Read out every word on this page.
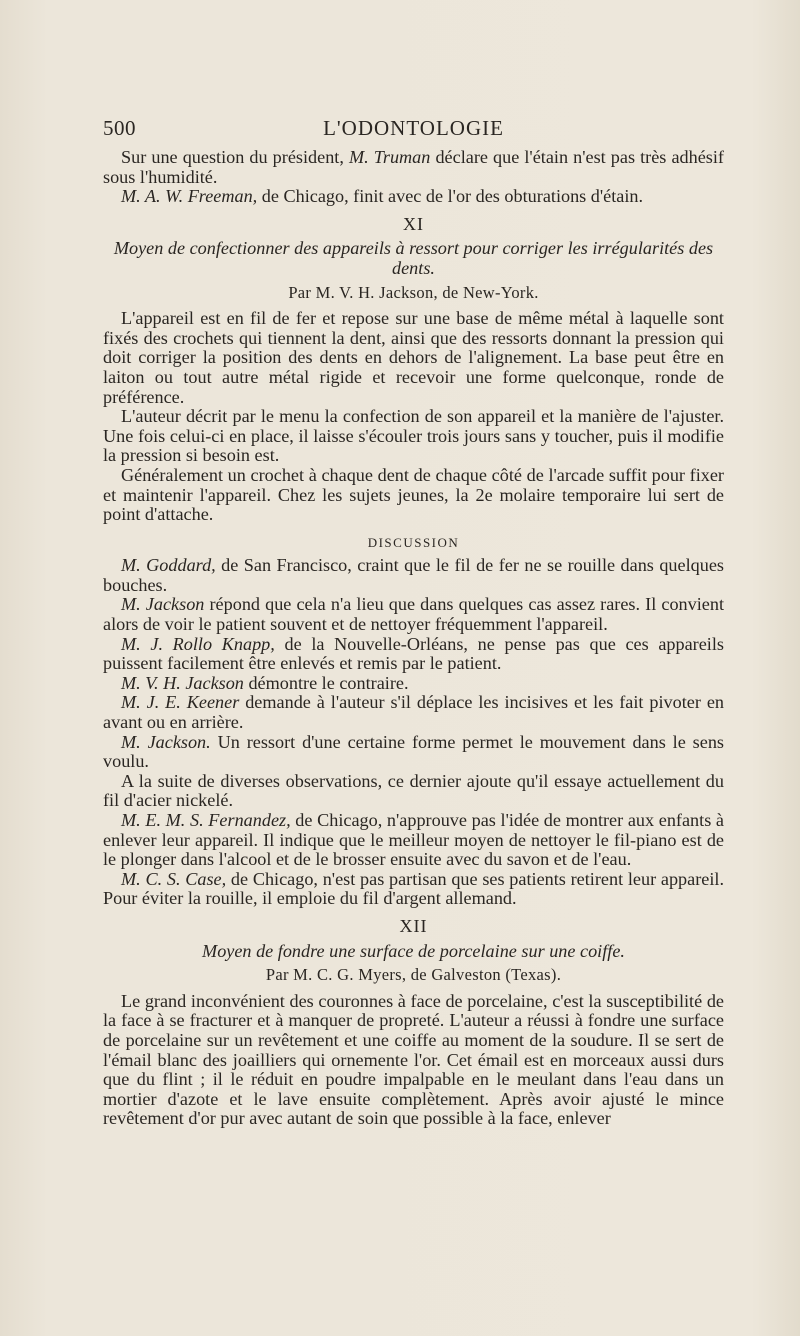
500	L'ODONTOLOGIE

Sur une question du président, M. Truman déclare que l'étain n'est pas très adhésif sous l'humidité.

M. A. W. Freeman, de Chicago, finit avec de l'or des obturations d'étain.

XI

Moyen de confectionner des appareils à ressort pour corriger les irrégularités des dents.

Par M. V. H. Jackson, de New-York.

L'appareil est en fil de fer et repose sur une base de même métal à laquelle sont fixés des crochets qui tiennent la dent, ainsi que des ressorts donnant la pression qui doit corriger la position des dents en dehors de l'alignement. La base peut être en laiton ou tout autre métal rigide et recevoir une forme quelconque, ronde de préférence.

L'auteur décrit par le menu la confection de son appareil et la manière de l'ajuster. Une fois celui-ci en place, il laisse s'écouler trois jours sans y toucher, puis il modifie la pression si besoin est.

Généralement un crochet à chaque dent de chaque côté de l'arcade suffit pour fixer et maintenir l'appareil. Chez les sujets jeunes, la 2e molaire temporaire lui sert de point d'attache.

DISCUSSION

M. Goddard, de San Francisco, craint que le fil de fer ne se rouille dans quelques bouches.

M. Jackson répond que cela n'a lieu que dans quelques cas assez rares. Il convient alors de voir le patient souvent et de nettoyer fréquemment l'appareil.

M. J. Rollo Knapp, de la Nouvelle-Orléans, ne pense pas que ces appareils puissent facilement être enlevés et remis par le patient.

M. V. H. Jackson démontre le contraire.

M. J. E. Keener demande à l'auteur s'il déplace les incisives et les fait pivoter en avant ou en arrière.

M. Jackson. Un ressort d'une certaine forme permet le mouvement dans le sens voulu.

A la suite de diverses observations, ce dernier ajoute qu'il essaye actuellement du fil d'acier nickelé.

M. E. M. S. Fernandez, de Chicago, n'approuve pas l'idée de montrer aux enfants à enlever leur appareil. Il indique que le meilleur moyen de nettoyer le fil-piano est de le plonger dans l'alcool et de le brosser ensuite avec du savon et de l'eau.

M. C. S. Case, de Chicago, n'est pas partisan que ses patients retirent leur appareil. Pour éviter la rouille, il emploie du fil d'argent allemand.

XII

Moyen de fondre une surface de porcelaine sur une coiffe.

Par M. C. G. Myers, de Galveston (Texas).

Le grand inconvénient des couronnes à face de porcelaine, c'est la susceptibilité de la face à se fracturer et à manquer de propreté. L'auteur a réussi à fondre une surface de porcelaine sur un revêtement et une coiffe au moment de la soudure. Il se sert de l'émail blanc des joailliers qui ornemente l'or. Cet émail est en morceaux aussi durs que du flint ; il le réduit en poudre impalpable en le meulant dans l'eau dans un mortier d'azote et le lave ensuite complètement. Après avoir ajusté le mince revêtement d'or pur avec autant de soin que possible à la face, enlever
